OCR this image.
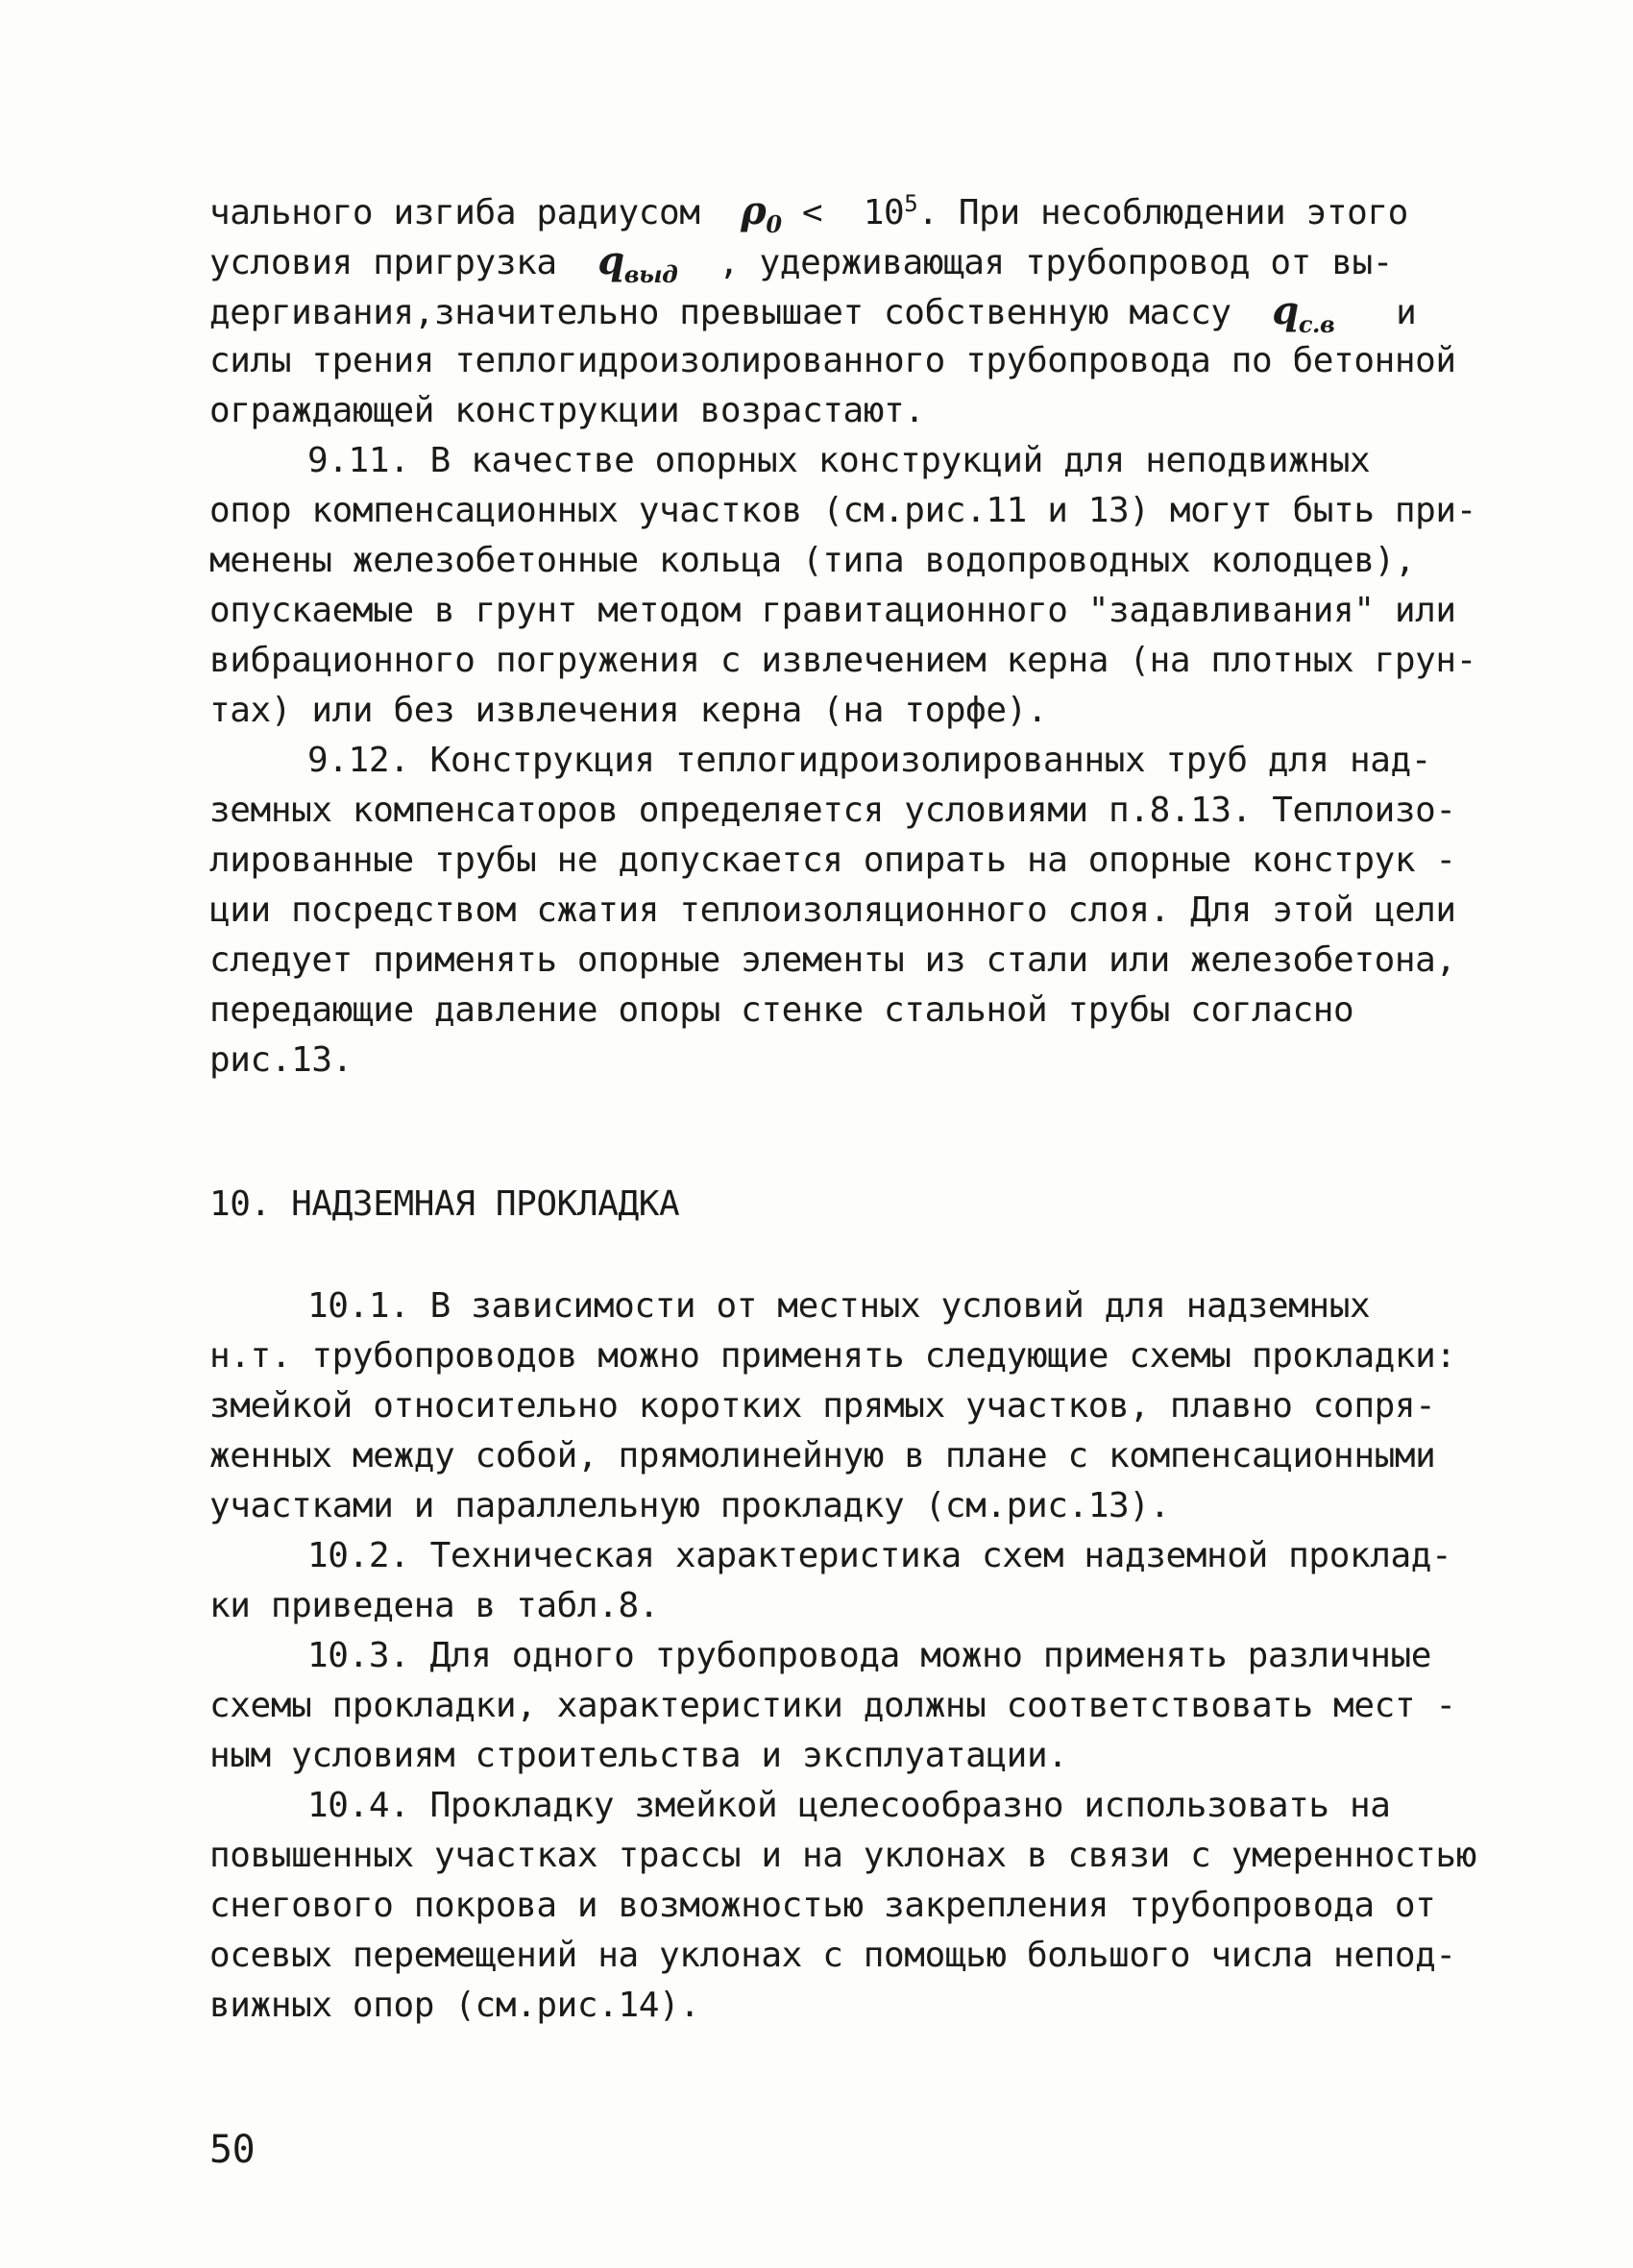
чального изгиба радиусом  $\rho_0 < 10^5$. При несоблюдении этого
условия пригрузка  $q_{выд}$  , удерживающая трубопровод от вы-
дергивания,значительно превышает собственную массу  $q_{с.в}$   и
силы трения теплогидроизолированного трубопровода по бетонной
ограждающей конструкции возрастают.
9.11. В качестве опорных конструкций для неподвижных
опор компенсационных участков (см.рис.11 и 13) могут быть при-
менены железобетонные кольца (типа водопроводных колодцев),
опускаемые в грунт методом гравитационного "задавливания" или
вибрационного погружения с извлечением керна (на плотных грун-
тах) или без извлечения керна (на торфе).
9.12. Конструкция теплогидроизолированных труб для над-
земных компенсаторов определяется условиями п.8.13. Теплоизо-
лированные трубы не допускается опирать на опорные конструк -
ции посредством сжатия теплоизоляционного слоя. Для этой цели
следует применять опорные элементы из стали или железобетона,
передающие давление опоры стенке стальной трубы согласно
рис.13.
10. НАДЗЕМНАЯ ПРОКЛАДКА
10.1. В зависимости от местных условий для надземных
н.т. трубопроводов можно применять следующие схемы прокладки:
змейкой относительно коротких прямых участков, плавно сопря-
женных между собой, прямолинейную в плане с компенсационными
участками и параллельную прокладку (см.рис.13).
10.2. Техническая характеристика схем надземной проклад-
ки приведена в табл.8.
10.3. Для одного трубопровода можно применять различные
схемы прокладки, характеристики должны соответствовать мест -
ным условиям строительства и эксплуатации.
10.4. Прокладку змейкой целесообразно использовать на
повышенных участках трассы и на уклонах в связи с умеренностью
снегового покрова и возможностью закрепления трубопровода от
осевых перемещений на уклонах с помощью большого числа непод-
вижных опор (см.рис.14).
50
